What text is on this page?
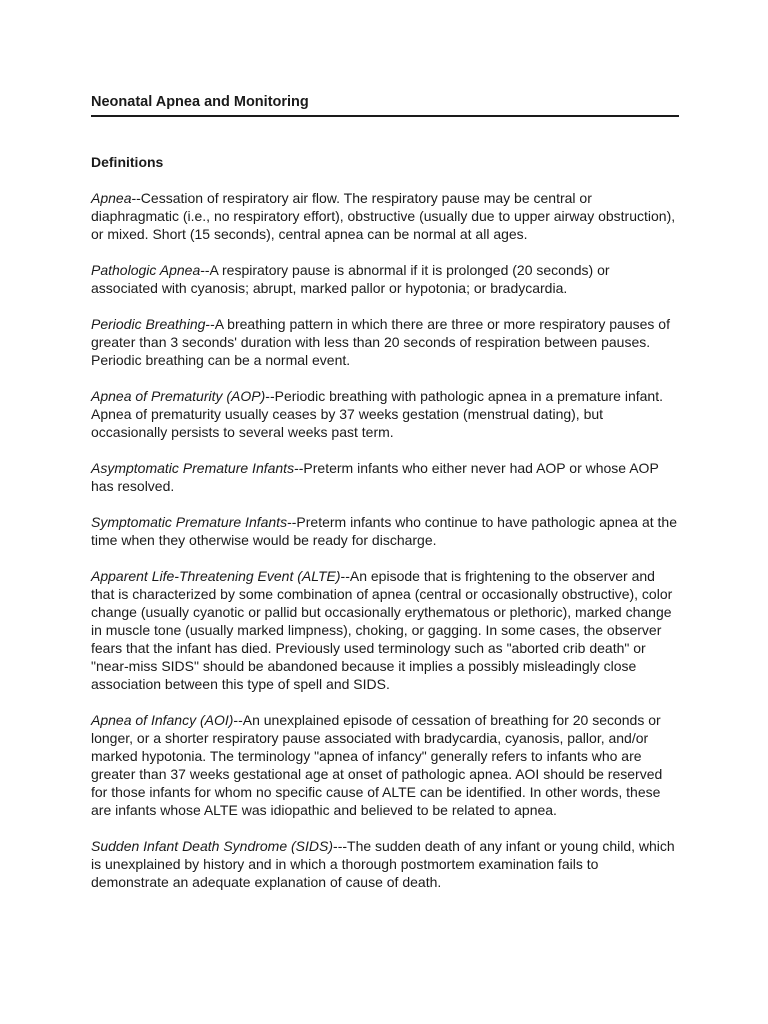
Neonatal Apnea and Monitoring
Definitions

Apnea--Cessation of respiratory air flow. The respiratory pause may be central or diaphragmatic (i.e., no respiratory effort), obstructive (usually due to upper airway obstruction), or mixed. Short (15 seconds), central apnea can be normal at all ages.

Pathologic Apnea--A respiratory pause is abnormal if it is prolonged (20 seconds) or associated with cyanosis; abrupt, marked pallor or hypotonia; or bradycardia.

Periodic Breathing--A breathing pattern in which there are three or more respiratory pauses of greater than 3 seconds' duration with less than 20 seconds of respiration between pauses. Periodic breathing can be a normal event.

Apnea of Prematurity (AOP)--Periodic breathing with pathologic apnea in a premature infant. Apnea of prematurity usually ceases by 37 weeks gestation (menstrual dating), but occasionally persists to several weeks past term.

Asymptomatic Premature Infants--Preterm infants who either never had AOP or whose AOP has resolved.

Symptomatic Premature Infants--Preterm infants who continue to have pathologic apnea at the time when they otherwise would be ready for discharge.

Apparent Life-Threatening Event (ALTE)--An episode that is frightening to the observer and that is characterized by some combination of apnea (central or occasionally obstructive), color change (usually cyanotic or pallid but occasionally erythematous or plethoric), marked change in muscle tone (usually marked limpness), choking, or gagging. In some cases, the observer fears that the infant has died. Previously used terminology such as "aborted crib death" or "near-miss SIDS" should be abandoned because it implies a possibly misleadingly close association between this type of spell and SIDS.

Apnea of Infancy (AOI)--An unexplained episode of cessation of breathing for 20 seconds or longer, or a shorter respiratory pause associated with bradycardia, cyanosis, pallor, and/or marked hypotonia. The terminology "apnea of infancy" generally refers to infants who are greater than 37 weeks gestational age at onset of pathologic apnea. AOI should be reserved for those infants for whom no specific cause of ALTE can be identified. In other words, these are infants whose ALTE was idiopathic and believed to be related to apnea.

Sudden Infant Death Syndrome (SIDS)---The sudden death of any infant or young child, which is unexplained by history and in which a thorough postmortem examination fails to demonstrate an adequate explanation of cause of death.
